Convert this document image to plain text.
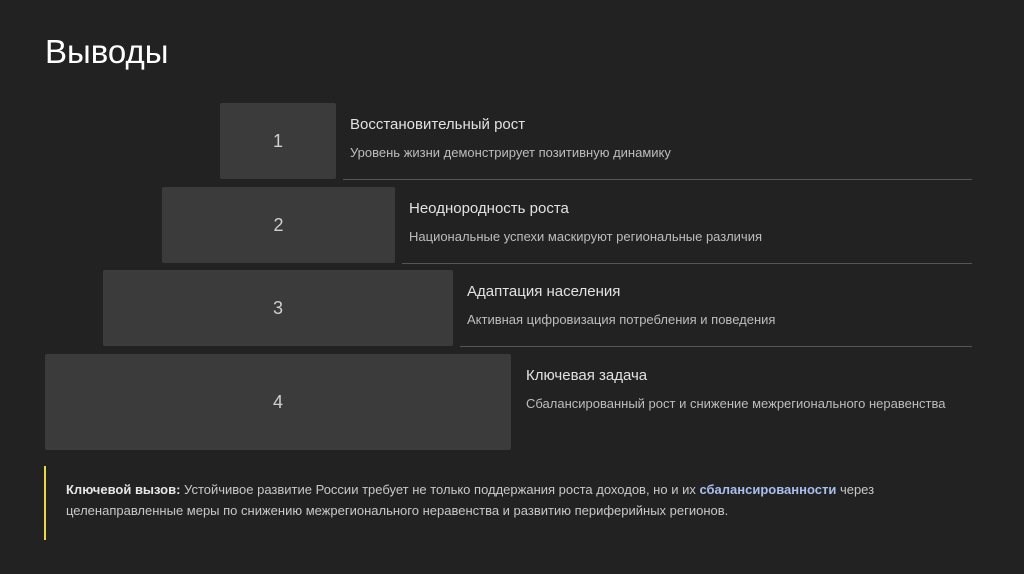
Выводы
1
Восстановительный рост
Уровень жизни демонстрирует позитивную динамику
2
Неоднородность роста
Национальные успехи маскируют региональные различия
3
Адаптация населения
Активная цифровизация потребления и поведения
4
Ключевая задача
Сбалансированный рост и снижение межрегионального неравенства
Ключевой вызов: Устойчивое развитие России требует не только поддержания роста доходов, но и их сбалансированности через целенаправленные меры по снижению межрегионального неравенства и развитию периферийных регионов.
